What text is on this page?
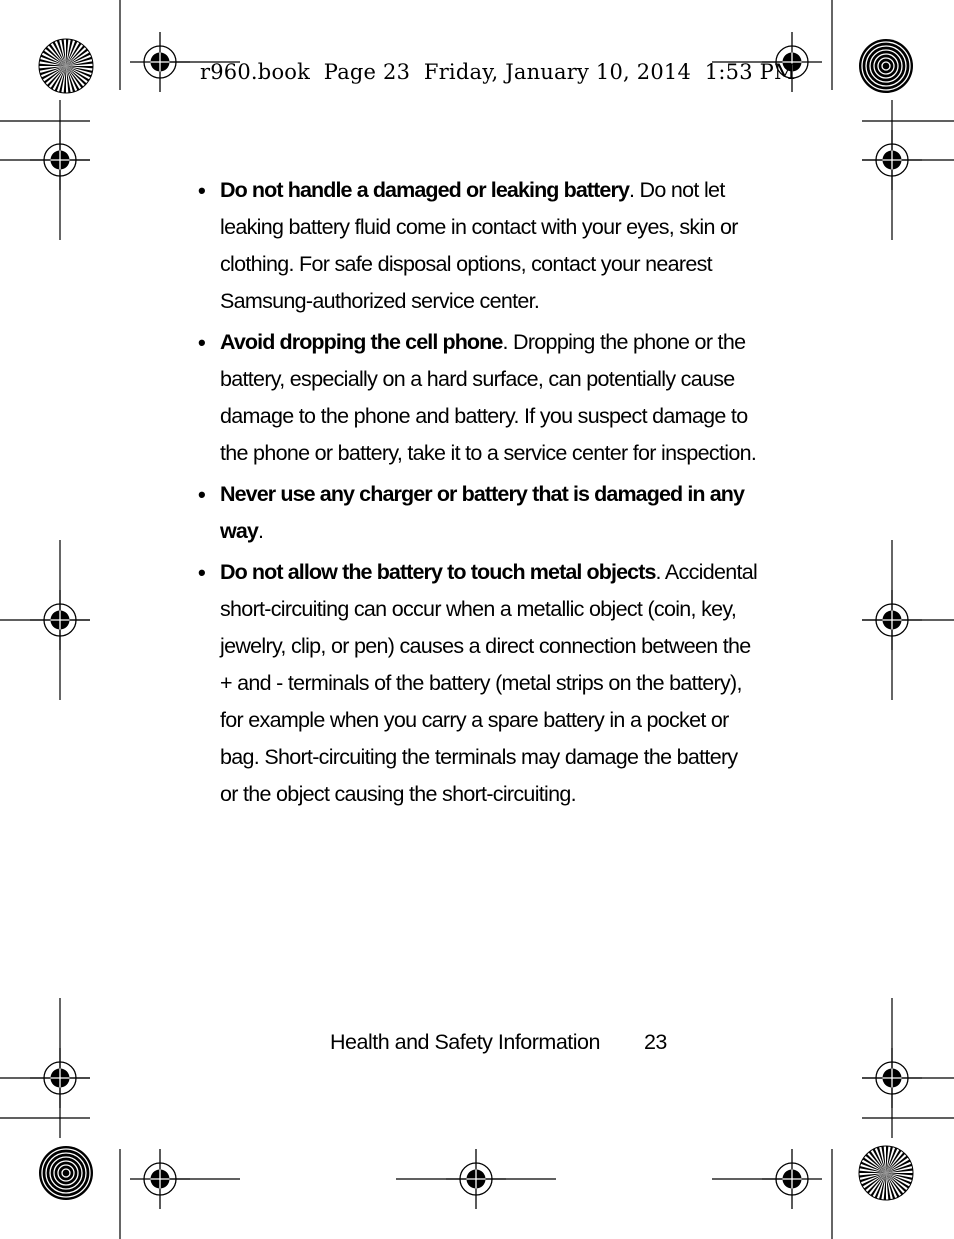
r960.book  Page 23  Friday, January 10, 2014  1:53 PM
• Do not handle a damaged or leaking battery. Do not let leaking battery fluid come in contact with your eyes, skin or clothing. For safe disposal options, contact your nearest Samsung-authorized service center.
• Avoid dropping the cell phone. Dropping the phone or the battery, especially on a hard surface, can potentially cause damage to the phone and battery. If you suspect damage to the phone or battery, take it to a service center for inspection.
• Never use any charger or battery that is damaged in any way.
• Do not allow the battery to touch metal objects. Accidental short-circuiting can occur when a metallic object (coin, key, jewelry, clip, or pen) causes a direct connection between the + and - terminals of the battery (metal strips on the battery), for example when you carry a spare battery in a pocket or bag. Short-circuiting the terminals may damage the battery or the object causing the short-circuiting.
Health and Safety Information 23
